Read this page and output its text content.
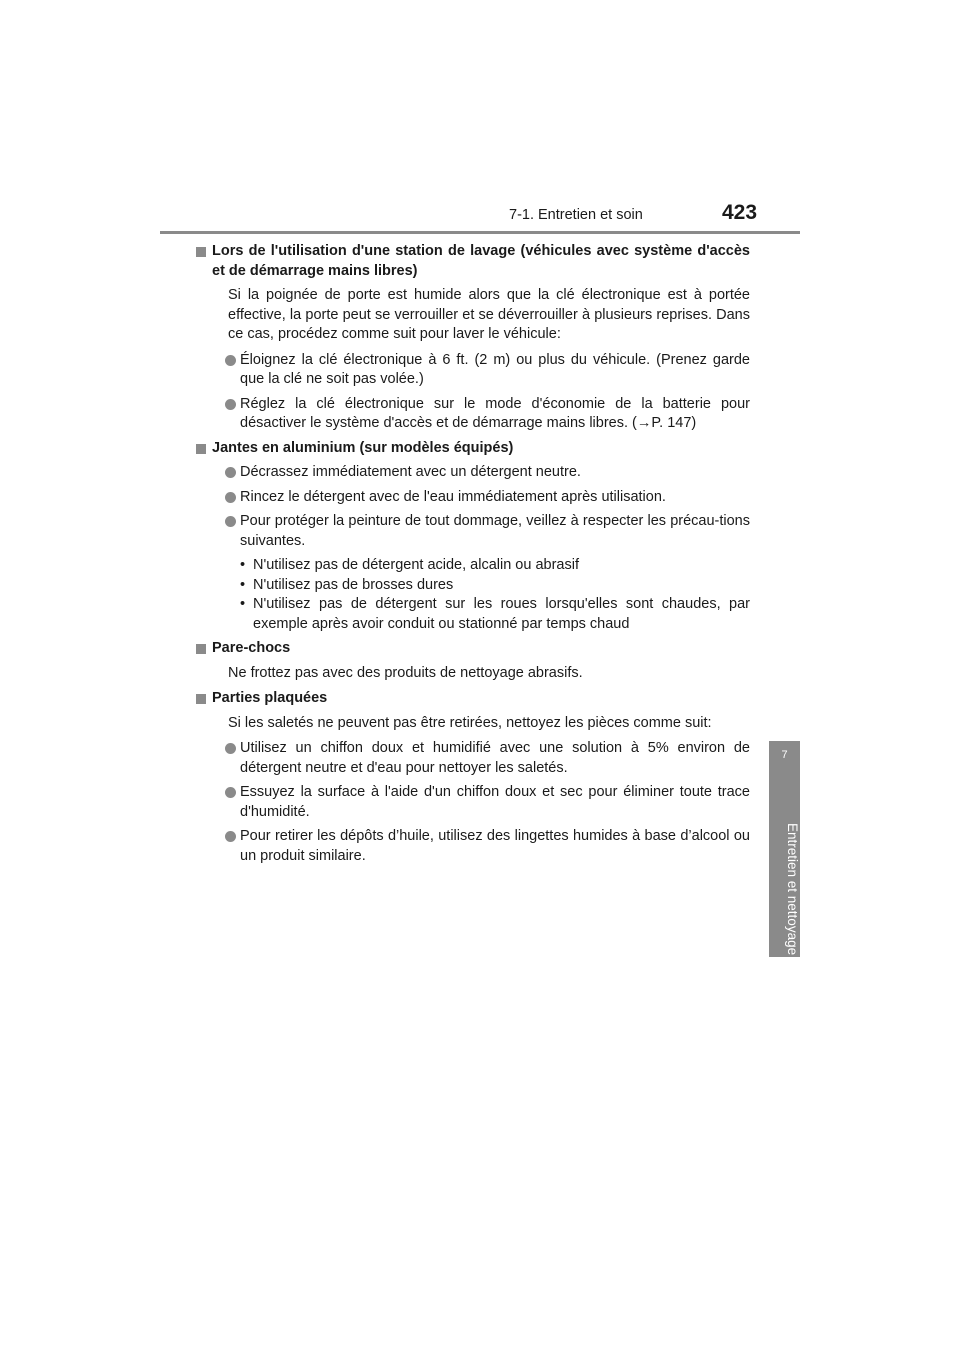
7-1. Entretien et soin	423
7
Entretien et nettoyage
Lors de l'utilisation d'une station de lavage (véhicules avec système d'accès et de démarrage mains libres)
Si la poignée de porte est humide alors que la clé électronique est à portée effective, la porte peut se verrouiller et se déverrouiller à plusieurs reprises. Dans ce cas, procédez comme suit pour laver le véhicule:
Éloignez la clé électronique à 6 ft. (2 m) ou plus du véhicule. (Prenez garde que la clé ne soit pas volée.)
Réglez la clé électronique sur le mode d'économie de la batterie pour désactiver le système d'accès et de démarrage mains libres. (→P. 147)
Jantes en aluminium (sur modèles équipés)
Décrassez immédiatement avec un détergent neutre.
Rincez le détergent avec de l'eau immédiatement après utilisation.
Pour protéger la peinture de tout dommage, veillez à respecter les précau-tions suivantes.
• N'utilisez pas de détergent acide, alcalin ou abrasif
• N'utilisez pas de brosses dures
• N'utilisez pas de détergent sur les roues lorsqu'elles sont chaudes, par exemple après avoir conduit ou stationné par temps chaud
Pare-chocs
Ne frottez pas avec des produits de nettoyage abrasifs.
Parties plaquées
Si les saletés ne peuvent pas être retirées, nettoyez les pièces comme suit:
Utilisez un chiffon doux et humidifié avec une solution à 5% environ de détergent neutre et d'eau pour nettoyer les saletés.
Essuyez la surface à l'aide d'un chiffon doux et sec pour éliminer toute trace d'humidité.
Pour retirer les dépôts d’huile, utilisez des lingettes humides à base d’alcool ou un produit similaire.
